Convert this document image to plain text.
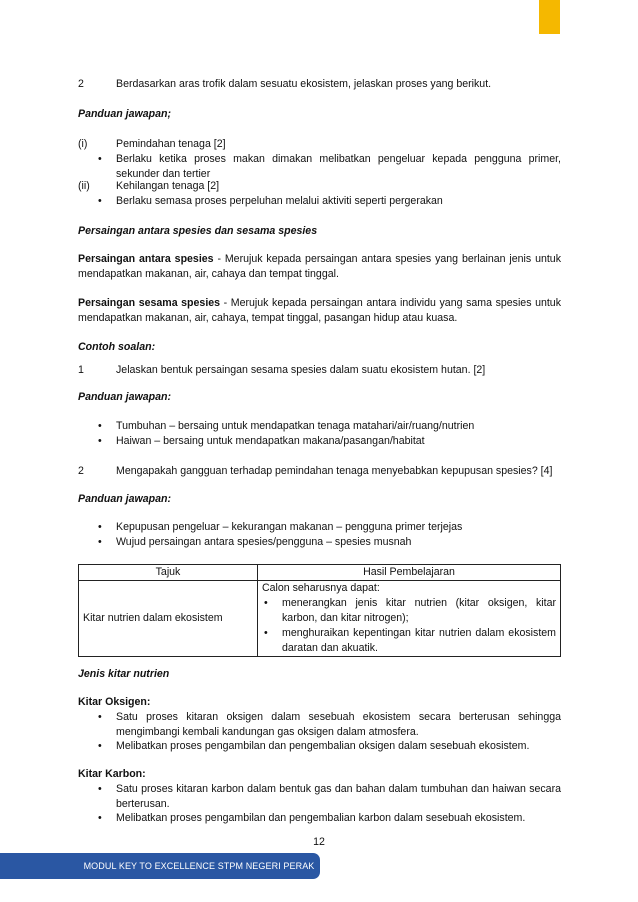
2	Berdasarkan aras trofik dalam sesuatu ekosistem, jelaskan proses yang berikut.
Panduan jawapan;
(i)	Pemindahan tenaga [2]
•	Berlaku ketika proses makan dimakan melibatkan pengeluar kepada pengguna primer, sekunder dan tertier
(ii) Kehilangan tenaga [2]
•	Berlaku semasa proses perpeluhan melalui aktiviti seperti pergerakan
Persaingan antara spesies dan sesama spesies
Persaingan antara spesies - Merujuk kepada persaingan antara spesies yang berlainan jenis untuk mendapatkan makanan, air, cahaya dan tempat tinggal.
Persaingan sesama spesies - Merujuk kepada persaingan antara individu yang sama spesies untuk mendapatkan makanan, air, cahaya, tempat tinggal, pasangan hidup atau kuasa.
Contoh soalan:
1	Jelaskan bentuk persaingan sesama spesies dalam suatu ekosistem hutan. [2]
Panduan jawapan:
•	Tumbuhan – bersaing untuk mendapatkan tenaga matahari/air/ruang/nutrien
•	Haiwan – bersaing untuk mendapatkan makana/pasangan/habitat
2	Mengapakah gangguan terhadap pemindahan tenaga menyebabkan kepupusan spesies? [4]
Panduan jawapan:
•	Kepupusan pengeluar – kekurangan makanan – pengguna primer terjejas
•	Wujud persaingan antara spesies/pengguna – spesies musnah
Tajuk	Hasil Pembelajaran
Kitar nutrien dalam ekosistem	Calon seharusnya dapat:
• menerangkan jenis kitar nutrien (kitar oksigen, kitar karbon, dan kitar nitrogen);
• menghuraikan kepentingan kitar nutrien dalam ekosistem daratan dan akuatik.
Jenis kitar nutrien
Kitar Oksigen:
•	Satu proses kitaran oksigen dalam sesebuah ekosistem secara berterusan sehingga mengimbangi kembali kandungan gas oksigen dalam atmosfera.
•	Melibatkan proses pengambilan dan pengembalian oksigen dalam sesebuah ekosistem.
Kitar Karbon:
•	Satu proses kitaran karbon dalam bentuk gas dan bahan dalam tumbuhan dan haiwan secara berterusan.
•	Melibatkan proses pengambilan dan pengembalian karbon dalam sesebuah ekosistem.
12
MODUL KEY TO EXCELLENCE STPM NEGERI PERAK
